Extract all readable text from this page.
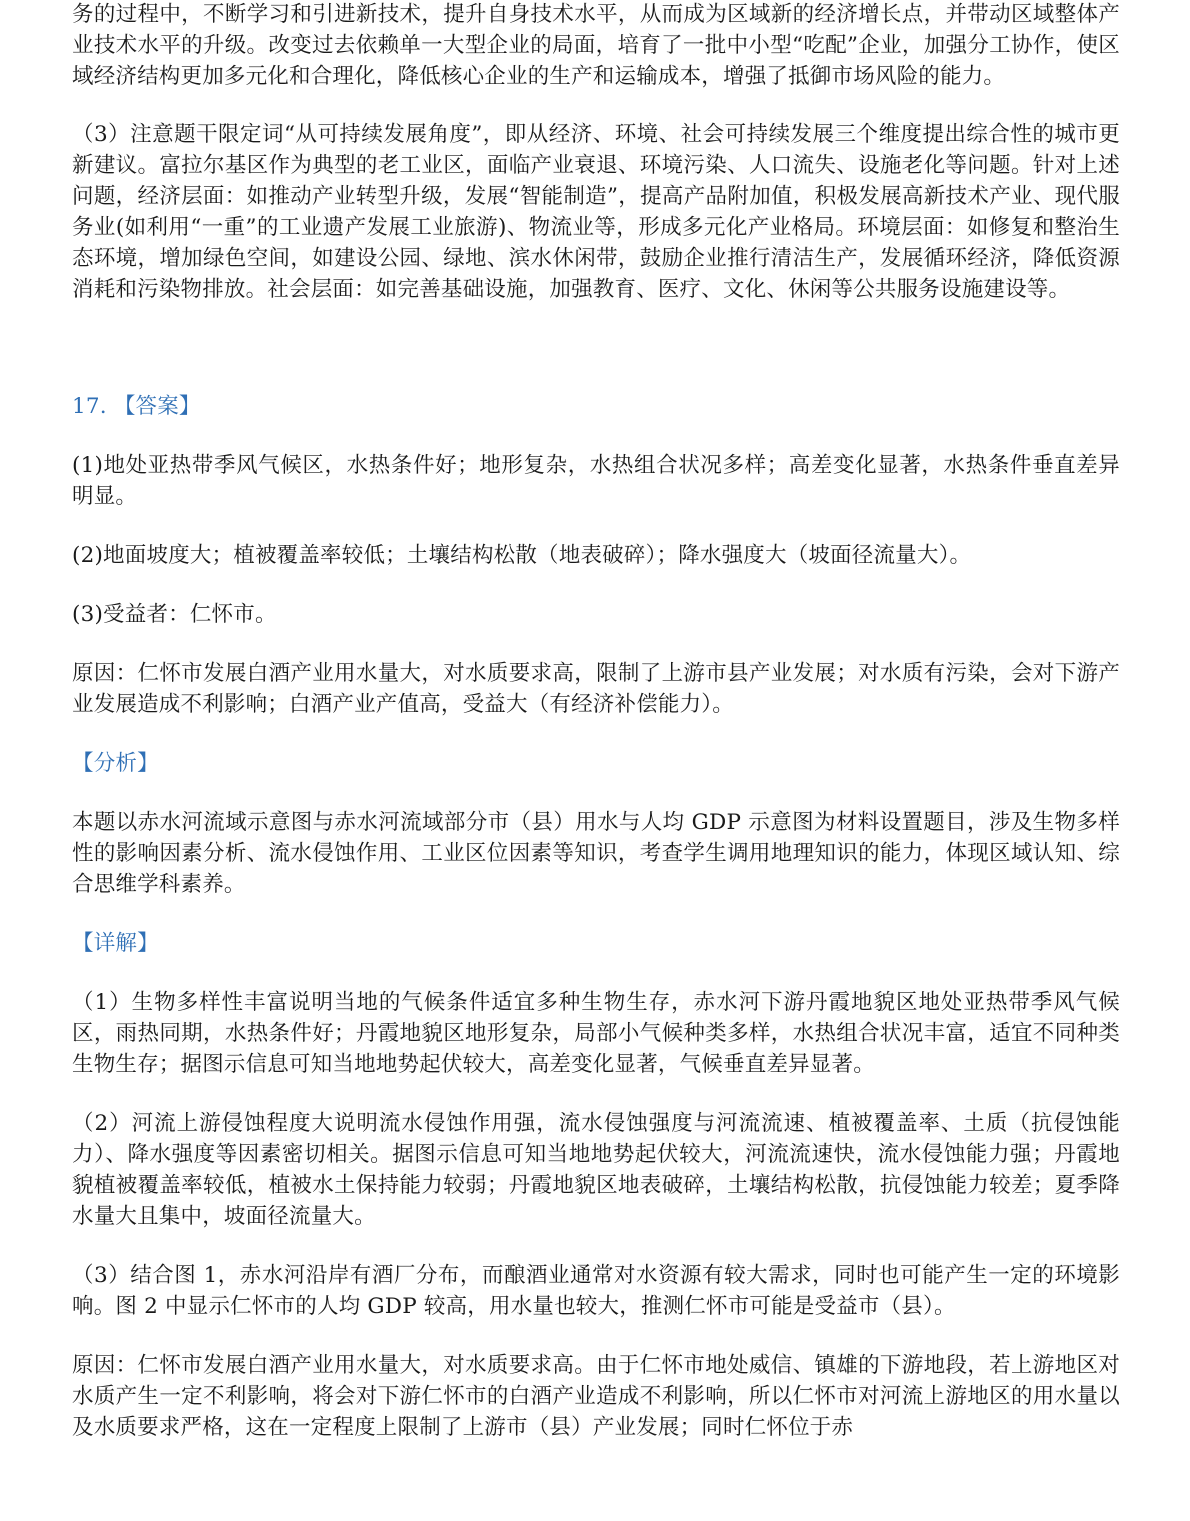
务的过程中，不断学习和引进新技术，提升自身技术水平，从而成为区域新的经济增长点，并带动区域整体产业技术水平的升级。改变过去依赖单一大型企业的局面，培育了一批中小型“吃配”企业，加强分工协作，使区域经济结构更加多元化和合理化，降低核心企业的生产和运输成本，增强了抵御市场风险的能力。

（3）注意题干限定词“从可持续发展角度”，即从经济、环境、社会可持续发展三个维度提出综合性的城市更新建议。富拉尔基区作为典型的老工业区，面临产业衰退、环境污染、人口流失、设施老化等问题。针对上述问题，经济层面：如推动产业转型升级，发展“智能制造”，提高产品附加值，积极发展高新技术产业、现代服务业(如利用“一重”的工业遗产发展工业旅游)、物流业等，形成多元化产业格局。环境层面：如修复和整治生态环境，增加绿色空间，如建设公园、绿地、滨水休闲带，鼓励企业推行清洁生产，发展循环经济，降低资源消耗和污染物排放。社会层面：如完善基础设施，加强教育、医疗、文化、休闲等公共服务设施建设等。

17. 【答案】

(1)地处亚热带季风气候区，水热条件好；地形复杂，水热组合状况多样；高差变化显著，水热条件垂直差异明显。

(2)地面坡度大；植被覆盖率较低；土壤结构松散（地表破碎）；降水强度大（坡面径流量大）。

(3)受益者：仁怀市。

原因：仁怀市发展白酒产业用水量大，对水质要求高，限制了上游市县产业发展；对水质有污染，会对下游产业发展造成不利影响；白酒产业产值高，受益大（有经济补偿能力）。

【分析】

本题以赤水河流域示意图与赤水河流域部分市（县）用水与人均 GDP 示意图为材料设置题目，涉及生物多样性的影响因素分析、流水侵蚀作用、工业区位因素等知识，考查学生调用地理知识的能力，体现区域认知、综合思维学科素养。

【详解】

（1）生物多样性丰富说明当地的气候条件适宜多种生物生存，赤水河下游丹霞地貌区地处亚热带季风气候区，雨热同期，水热条件好；丹霞地貌区地形复杂，局部小气候种类多样，水热组合状况丰富，适宜不同种类生物生存；据图示信息可知当地地势起伏较大，高差变化显著，气候垂直差异显著。

（2）河流上游侵蚀程度大说明流水侵蚀作用强，流水侵蚀强度与河流流速、植被覆盖率、土质（抗侵蚀能力）、降水强度等因素密切相关。据图示信息可知当地地势起伏较大，河流流速快，流水侵蚀能力强；丹霞地貌植被覆盖率较低，植被水土保持能力较弱；丹霞地貌区地表破碎，土壤结构松散，抗侵蚀能力较差；夏季降水量大且集中，坡面径流量大。

（3）结合图 1，赤水河沿岸有酒厂分布，而酿酒业通常对水资源有较大需求，同时也可能产生一定的环境影响。图 2 中显示仁怀市的人均 GDP 较高，用水量也较大，推测仁怀市可能是受益市（县）。

原因：仁怀市发展白酒产业用水量大，对水质要求高。由于仁怀市地处威信、镇雄的下游地段，若上游地区对水质产生一定不利影响，将会对下游仁怀市的白酒产业造成不利影响，所以仁怀市对河流上游地区的用水量以及水质要求严格，这在一定程度上限制了上游市（县）产业发展；同时仁怀位于赤
